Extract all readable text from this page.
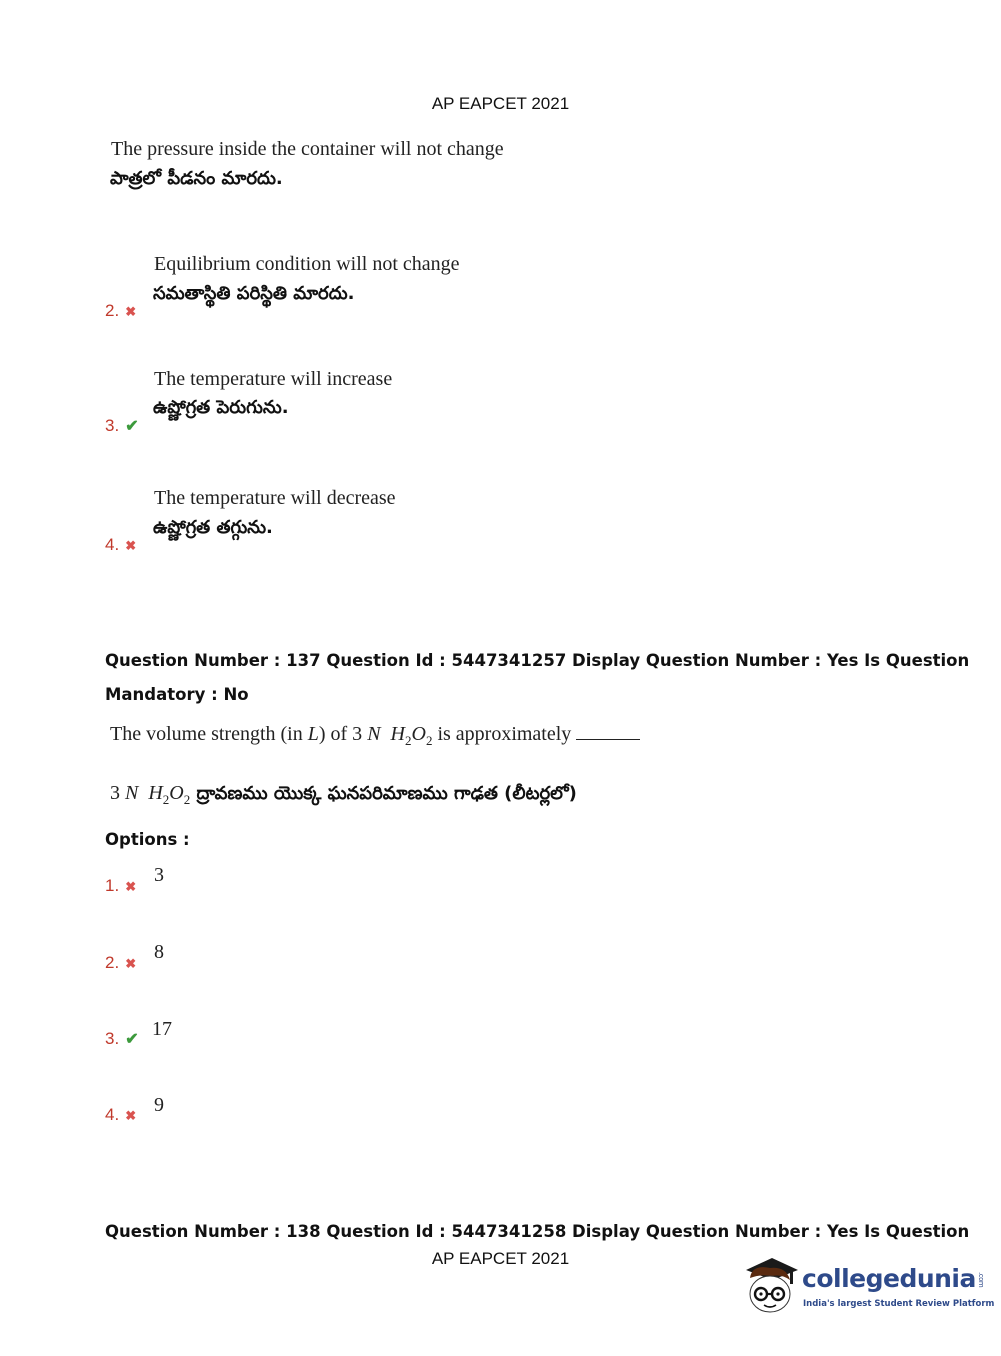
AP EAPCET 2021
The pressure inside the container will not change
పాత్రలో పీడనం మారదు.
Equilibrium condition will not change
సమతాస్థితి పరిస్థితి మారదు.
2. ✖
The temperature will increase
ఉష్ణోగ్రత పెరుగును.
3. ✔
The temperature will decrease
ఉష్ణోగ్రత తగ్గును.
4. ✖
Question Number : 137 Question Id : 5447341257 Display Question Number : Yes Is Question
Mandatory : No
The volume strength (in L) of 3 N $H_2O_2$ is approximately
3 N $H_2O_2$ ద్రావణము యొక్క ఘనపరిమాణము గాఢత (లీటర్లలో)
Options :
1. ✖
3
2. ✖
8
3. ✔ 17
4. ✖ 9
Question Number : 138 Question Id : 5447341258 Display Question Number : Yes Is Question
AP EAPCET 2021
collegedunia.com
India's largest Student Review Platform
